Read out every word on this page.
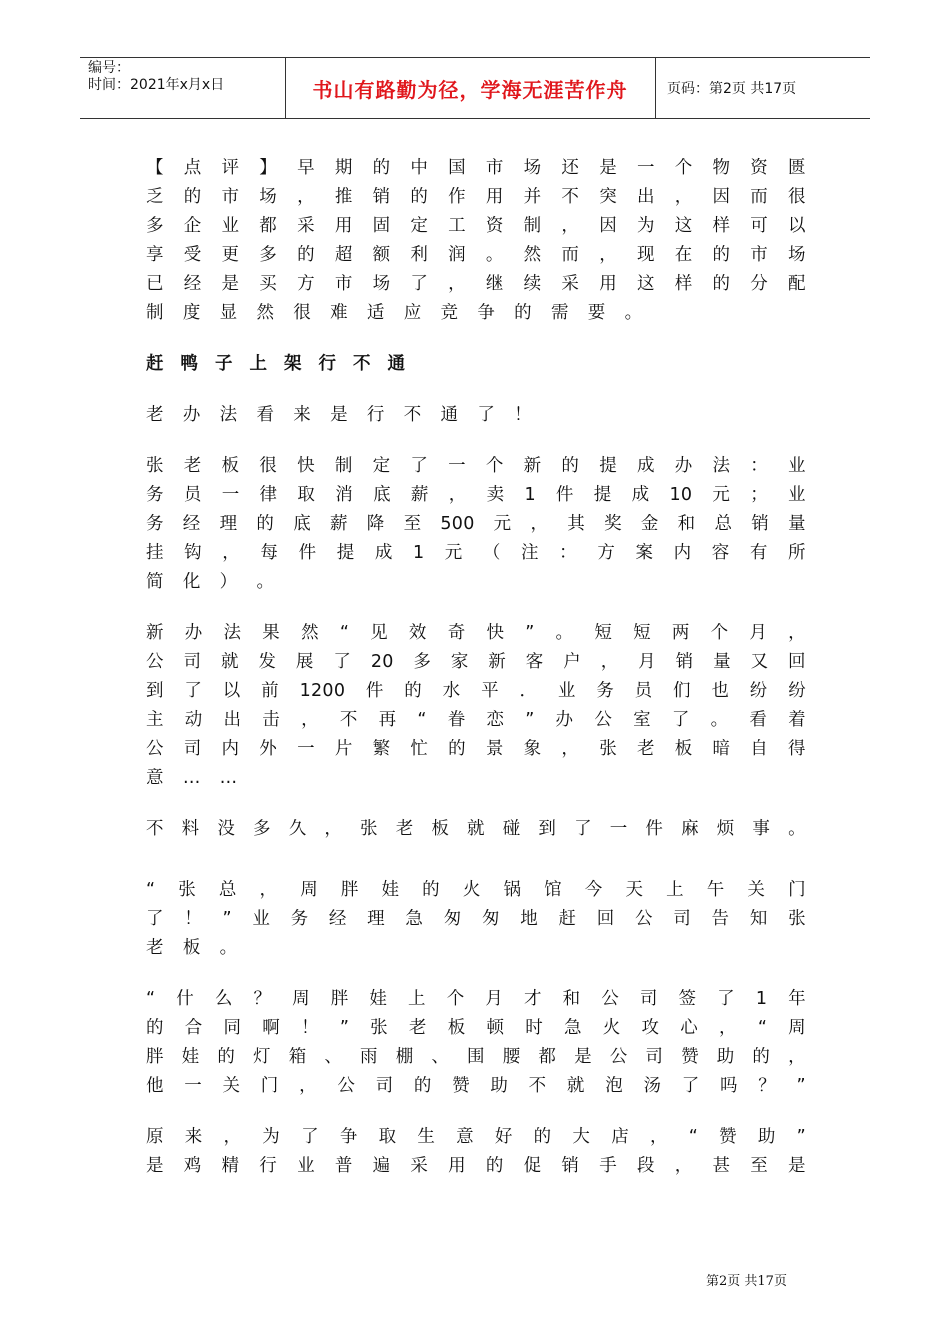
编号：
时间：2021年x月x日	书山有路勤为径，学海无涯苦作舟	页码：第2页 共17页
【 点 评 】 早 期 的 中 国 市 场 还 是 一 个 物 资 匮
乏 的 市 场 ， 推 销 的 作 用 并 不 突 出 ， 因 而 很
多 企 业 都 采 用 固 定 工 资 制 ， 因 为 这 样 可 以
享 受 更 多 的 超 额 利 润 。 然 而 ， 现 在 的 市 场
已 经 是 买 方 市 场 了 ， 继 续 采 用 这 样 的 分 配
制 度 显 然 很 难 适 应 竞 争 的 需 要 。
赶 鸭 子 上 架 行 不 通
老 办 法 看 来 是 行 不 通 了 ！
张 老 板 很 快 制 定 了 一 个 新 的 提 成 办 法 ： 业
务 员 一 律 取 消 底 薪 ， 卖 1 件 提 成 10 元 ； 业
务 经 理 的 底 薪 降 至 500 元 ， 其 奖 金 和 总 销 量
挂 钩 ， 每 件 提 成 1 元 （ 注 ： 方 案 内 容 有 所
简 化 ） 。
新 办 法 果 然 “ 见 效 奇 快 ” 。 短 短 两 个 月 ，
公 司 就 发 展 了 20 多 家 新 客 户 ， 月 销 量 又 回
到 了 以 前 1200 件 的 水 平 ． 业 务 员 们 也 纷 纷
主 动 出 击 ， 不 再 “ 眷 恋 ” 办 公 室 了 。 看 着
公 司 内 外 一 片 繁 忙 的 景 象 ， 张 老 板 暗 自 得
意 … …
不 料 没 多 久 ， 张 老 板 就 碰 到 了 一 件 麻 烦 事 。
“ 张 总 ， 周 胖 娃 的 火 锅 馆 今 天 上 午 关 门
了 ！ ” 业 务 经 理 急 匆 匆 地 赶 回 公 司 告 知 张
老 板 。
“ 什 么 ？ 周 胖 娃 上 个 月 才 和 公 司 签 了 1 年
的 合 同 啊 ！ ” 张 老 板 顿 时 急 火 攻 心 ， “ 周
胖 娃 的 灯 箱 、 雨 棚 、 围 腰 都 是 公 司 赞 助 的 ，
他 一 关 门 ， 公 司 的 赞 助 不 就 泡 汤 了 吗 ？ ”
原 来 ， 为 了 争 取 生 意 好 的 大 店 ， “ 赞 助 ”
是 鸡 精 行 业 普 遍 采 用 的 促 销 手 段 ， 甚 至 是
第2页 共17页
